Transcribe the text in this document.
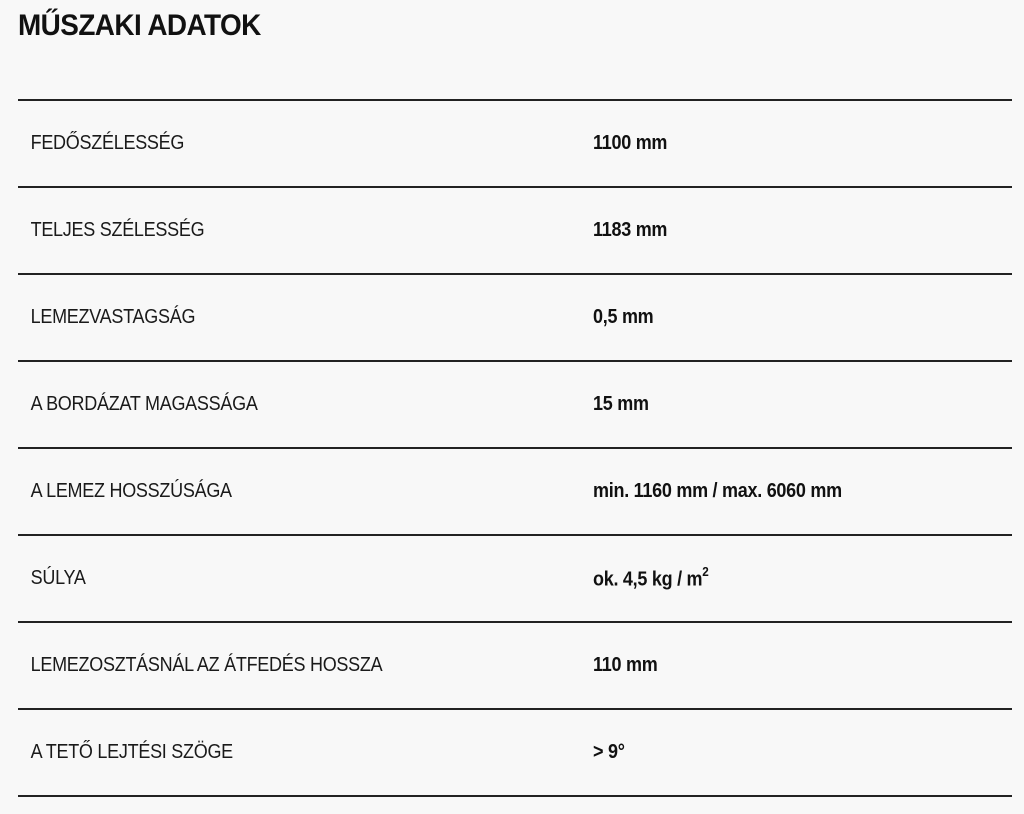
MŰSZAKI ADATOK
FEDŐSZÉLESSÉG	1100 mm
TELJES SZÉLESSÉG	1183 mm
LEMEZVASTAGSÁG	0,5 mm
A BORDÁZAT MAGASSÁGA	15 mm
A LEMEZ HOSSZÚSÁGA	min. 1160 mm / max. 6060 mm
SÚLYA	ok. 4,5 kg / $m^2$
LEMEZOSZTÁSNÁL AZ ÁTFEDÉS HOSSZA	110 mm
A TETŐ LEJTÉSI SZÖGE	> 9°
